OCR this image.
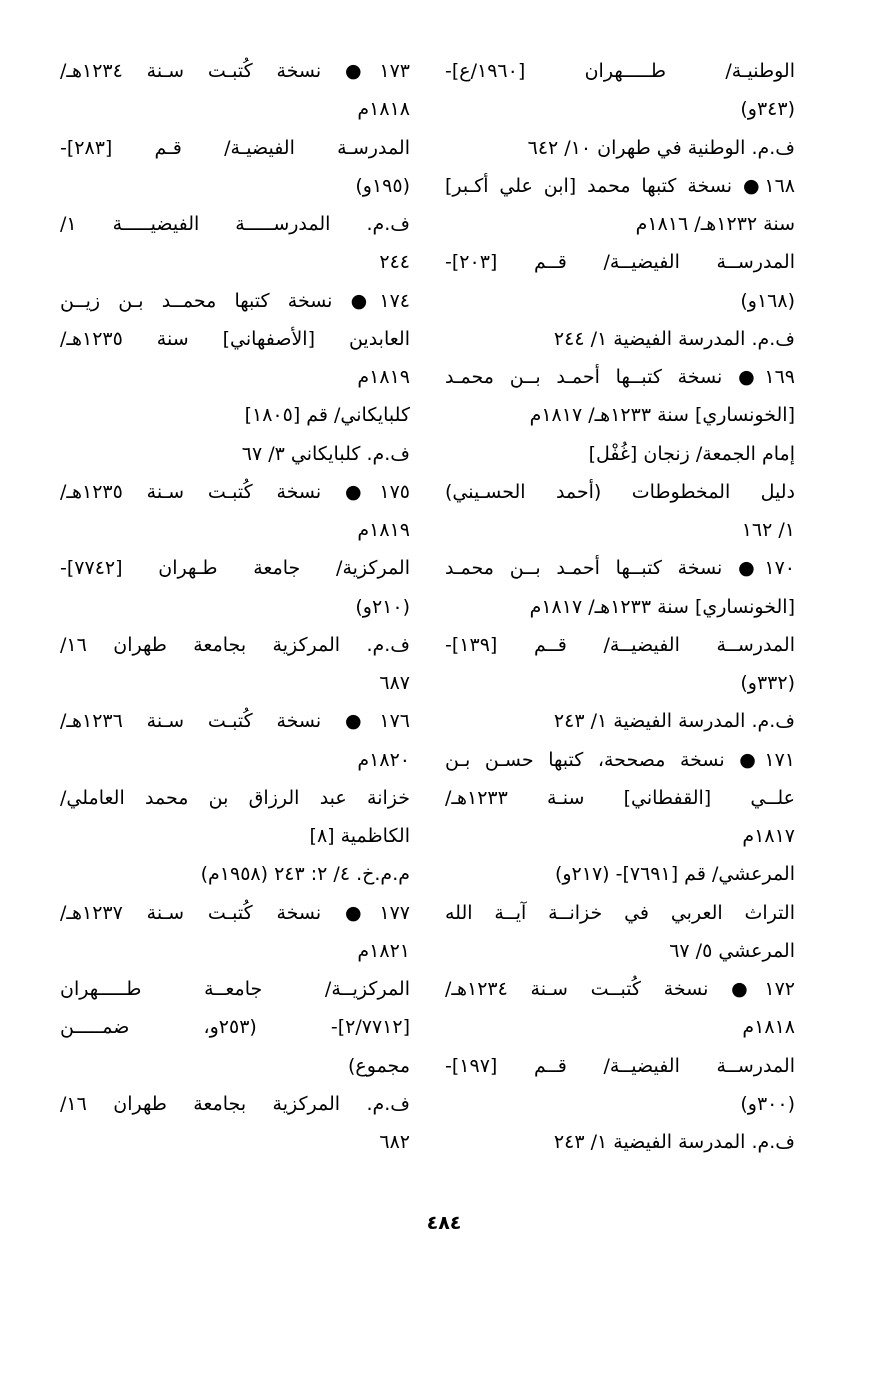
الوطنيـة/ طـــــهران [١٩٦٠/ع]-
(٣٤٣و)
ف.م. الوطنية في طهران ١٠/ ٦٤٢
١٦٨● نسخة كتبها محمد [ابن علي أكـبر]
سنة ١٢٣٢هـ/ ١٨١٦م
المدرســة الفيضيــة/ قــم [٢٠٣]-
(١٦٨و)
ف.م. المدرسة الفيضية ١/ ٢٤٤
١٦٩● نسخة كتبــها أحمـد بــن محمـد
[الخونساري] سنة ١٢٣٣هـ/ ١٨١٧م
إمام الجمعة/ زنجان [غُفْل]
دليل المخطوطات (أحمد الحسـيني)
١/ ١٦٢
١٧٠● نسخة كتبــها أحمـد بــن محمـد
[الخونساري] سنة ١٢٣٣هـ/ ١٨١٧م
المدرســة الفيضيــة/ قــم [١٣٩]-
(٣٣٢و)
ف.م. المدرسة الفيضية ١/ ٢٤٣
١٧١● نسخة مصححة، كتبها حسـن بـن
علــي [القفطاني] سنـة ١٢٣٣هـ/
١٨١٧م
المرعشي/ قم [٧٦٩١]- (٢١٧و)
التراث العربي في خزانــة آيــة الله
المرعشي ٥/ ٦٧
١٧٢● نسخة كُتبــت سـنة ١٢٣٤هـ/
١٨١٨م
المدرســة الفيضيــة/ قــم [١٩٧]-
(٣٠٠و)
ف.م. المدرسة الفيضية ١/ ٢٤٣
١٧٣● نسخة كُتبـت سـنة ١٢٣٤هـ/
١٨١٨م
المدرسـة الفيضيـة/ قـم [٢٨٣]-
(١٩٥و)
ف.م. المدرســـــة الفيضيـــــة ١/
٢٤٤
١٧٤● نسخة كتبها محمــد بـن زيــن
العابدين [الأصفهاني] سنة ١٢٣٥هـ/
١٨١٩م
كلبايكاني/ قم [١٨٠٥]
ف.م. كلبايكاني ٣/ ٦٧
١٧٥● نسخة كُتبـت سـنة ١٢٣٥هـ/
١٨١٩م
المركزية/ جامعة طـهران [٧٧٤٢]-
(٢١٠و)
ف.م. المركزية بجامعة طهران ١٦/
٦٨٧
١٧٦● نسخة كُتبـت سـنة ١٢٣٦هـ/
١٨٢٠م
خزانة عبد الرزاق بن محمد العاملي/
الكاظمية [٨]
م.م.خ. ٤/ ٢: ٢٤٣ (١٩٥٨م)
١٧٧● نسخة كُتبـت سـنة ١٢٣٧هـ/
١٨٢١م
المركزيــة/ جامعــة طـــــهران
[٢/٧٧١٢]- (٢٥٣و، ضمـــــن
مجموع)
ف.م. المركزية بجامعة طهران ١٦/
٦٨٢
٤٨٤
